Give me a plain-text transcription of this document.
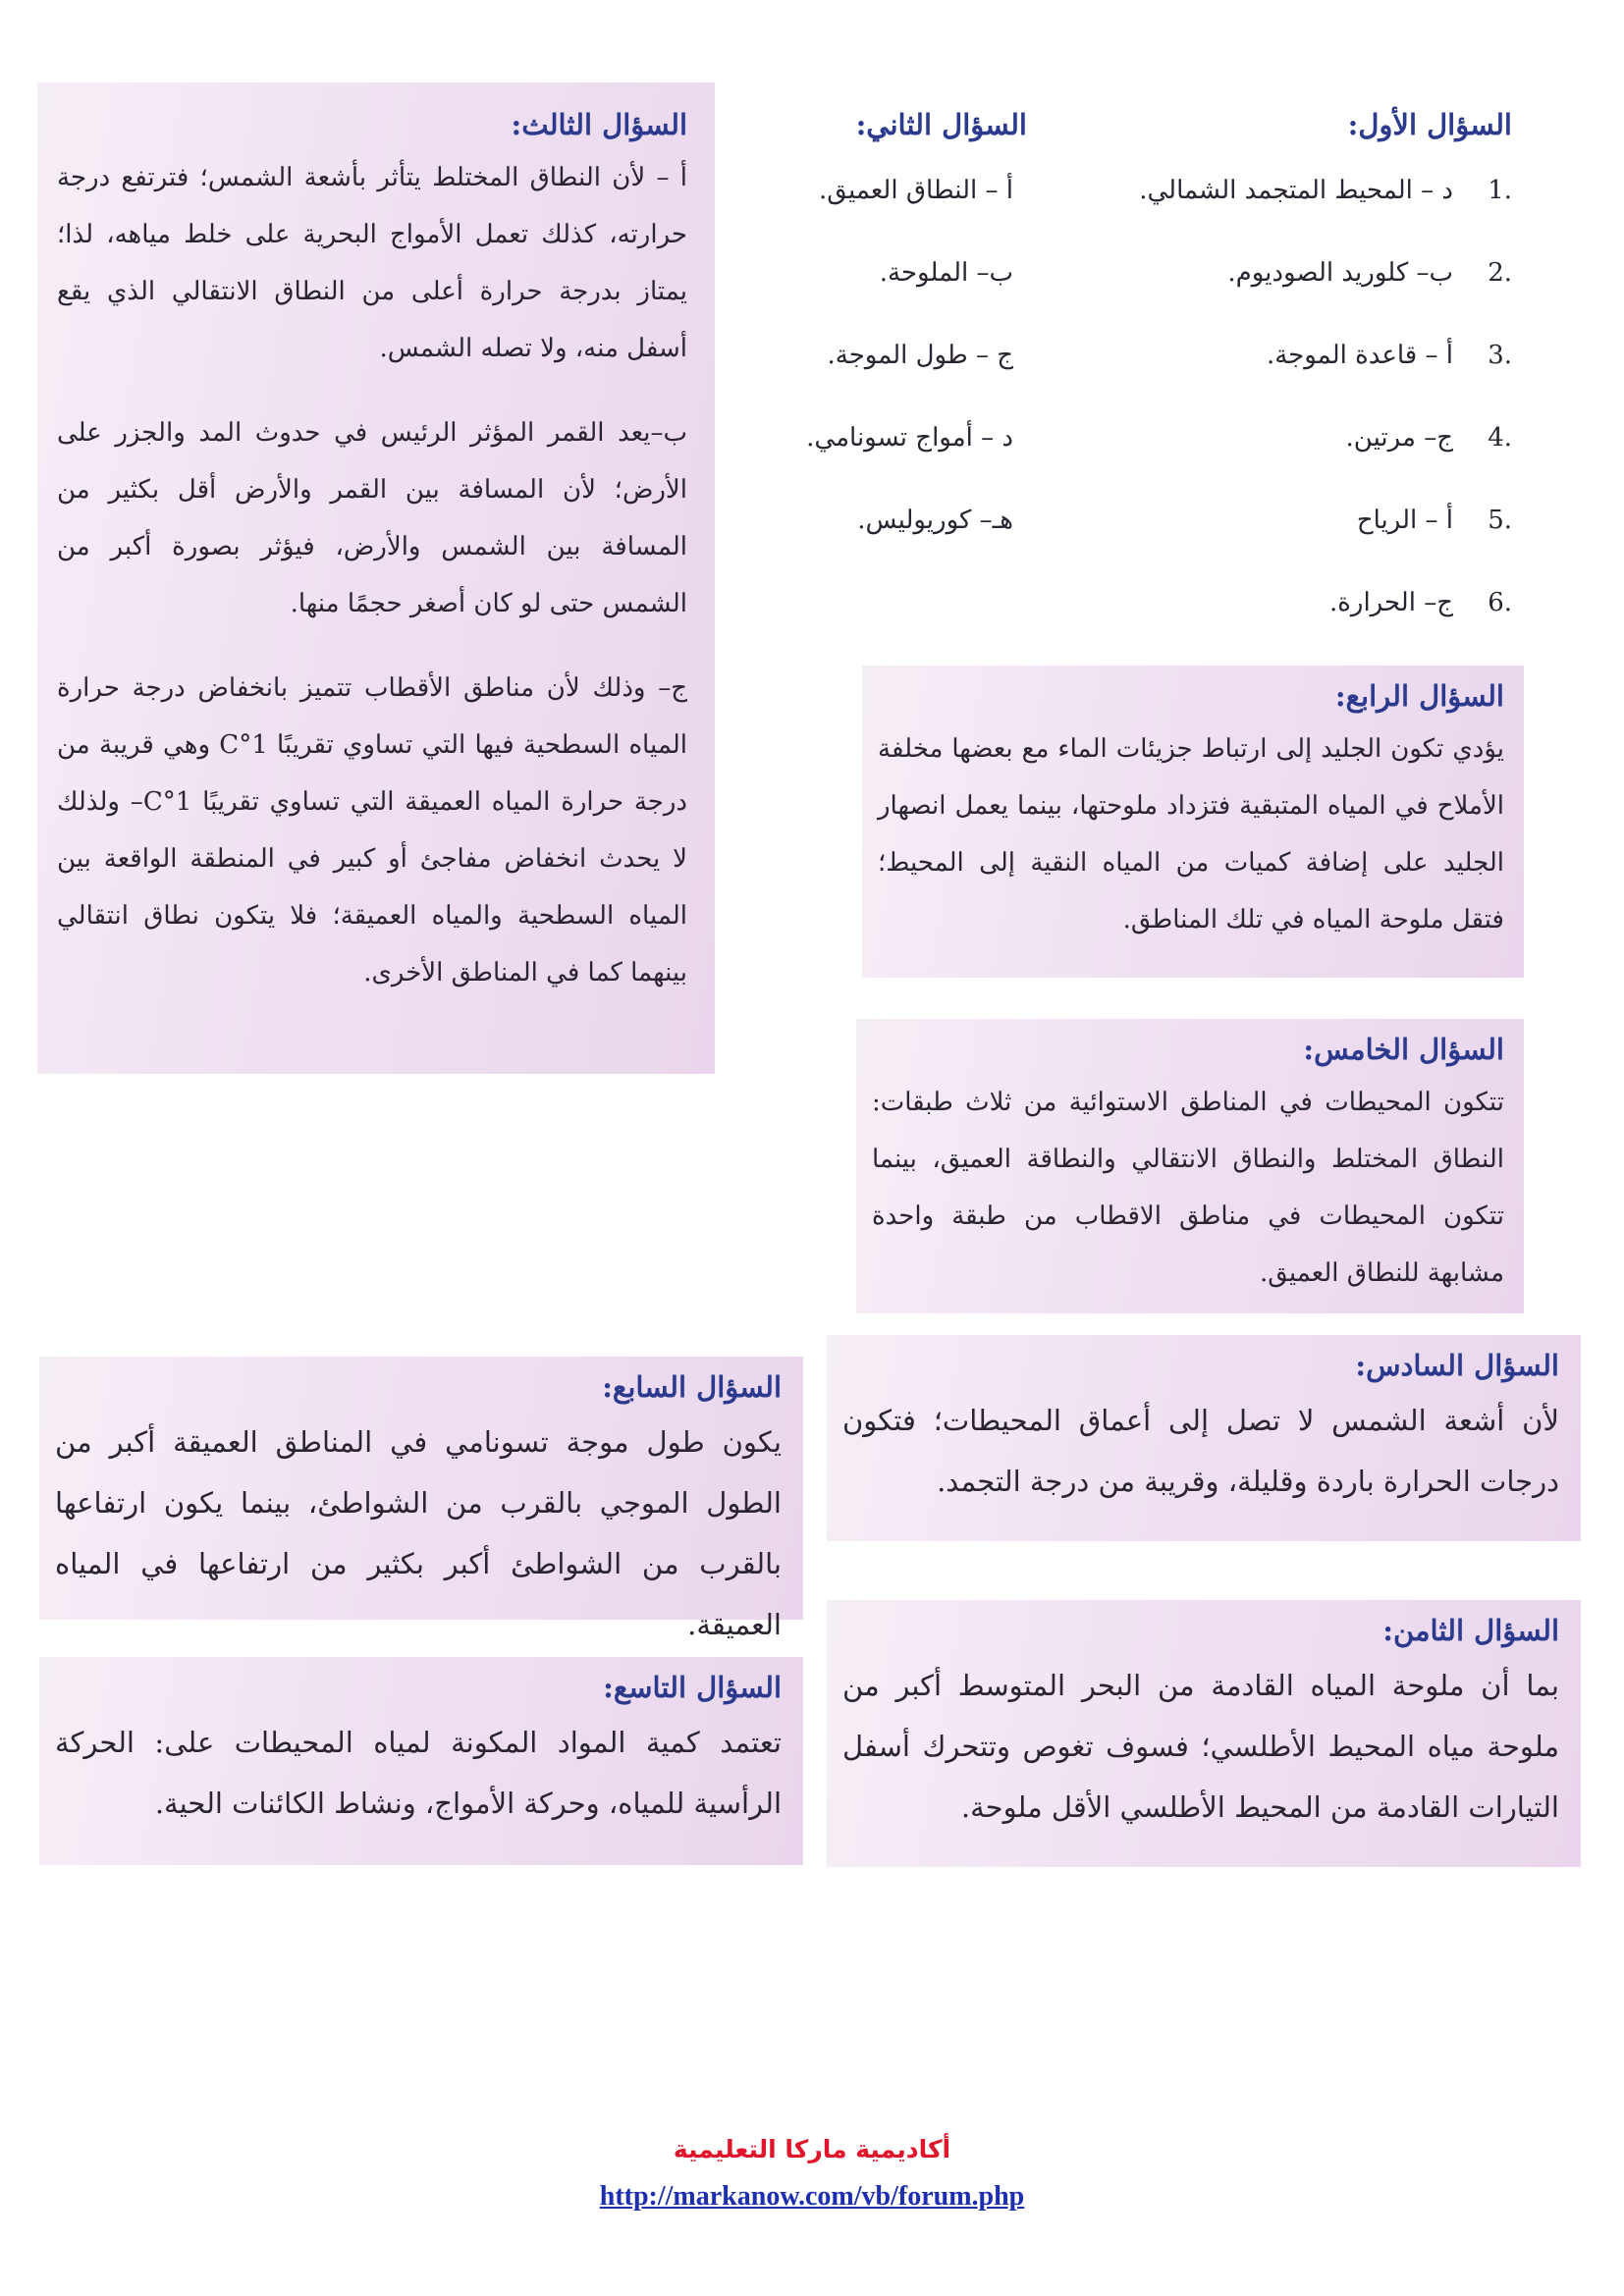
السؤال الثالث:

أ – لأن النطاق المختلط يتأثر بأشعة الشمس؛ فترتفع درجة حرارته، كذلك تعمل الأمواج البحرية على خلط مياهه، لذا؛ يمتاز بدرجة حرارة أعلى من النطاق الانتقالي الذي يقع أسفل منه، ولا تصله الشمس.

ب–يعد القمر المؤثر الرئيس في حدوث المد والجزر على الأرض؛ لأن المسافة بين القمر والأرض أقل بكثير من المسافة بين الشمس والأرض، فيؤثر بصورة أكبر من الشمس حتى لو كان أصغر حجمًا منها.

ج– وذلك لأن مناطق الأقطاب تتميز بانخفاض درجة حرارة المياه السطحية فيها التي تساوي تقريبًا 1°C وهي قريبة من درجة حرارة المياه العميقة التي تساوي تقريبًا 1°C– ولذلك لا يحدث انخفاض مفاجئ أو كبير في المنطقة الواقعة بين المياه السطحية والمياه العميقة؛ فلا يتكون نطاق انتقالي بينهما كما في المناطق الأخرى.

السؤال الثاني:
أ – النطاق العميق.
ب– الملوحة.
ج – طول الموجة.
د – أمواج تسونامي.
هـ– كوريوليس.
السؤال الأول:
.1د – المحيط المتجمد الشمالي.
.2ب– كلوريد الصوديوم.
.3أ – قاعدة الموجة.
.4ج– مرتين.
.5أ – الرياح
.6ج– الحرارة.
السؤال الرابع:

يؤدي تكون الجليد إلى ارتباط جزيئات الماء مع بعضها مخلفة الأملاح في المياه المتبقية فتزداد ملوحتها، بينما يعمل انصهار الجليد على إضافة كميات من المياه النقية إلى المحيط؛ فتقل ملوحة المياه في تلك المناطق.

السؤال الخامس:

تتكون المحيطات في المناطق الاستوائية من ثلاث طبقات: النطاق المختلط والنطاق الانتقالي والنطاقة العميق، بينما تتكون المحيطات في مناطق الاقطاب من طبقة واحدة مشابهة للنطاق العميق.

السؤال السابع:

يكون طول موجة تسونامي في المناطق العميقة أكبر من الطول الموجي بالقرب من الشواطئ، بينما يكون ارتفاعها بالقرب من الشواطئ أكبر بكثير من ارتفاعها في المياه العميقة.

السؤال السادس:

لأن أشعة الشمس لا تصل إلى أعماق المحيطات؛ فتكون درجات الحرارة باردة وقليلة، وقريبة من درجة التجمد.

السؤال التاسع:

تعتمد كمية المواد المكونة لمياه المحيطات على: الحركة الرأسية للمياه، وحركة الأمواج، ونشاط الكائنات الحية.

السؤال الثامن:

بما أن ملوحة المياه القادمة من البحر المتوسط أكبر من ملوحة مياه المحيط الأطلسي؛ فسوف تغوص وتتحرك أسفل التيارات القادمة من المحيط الأطلسي الأقل ملوحة.

أكاديمية ماركا التعليمية
http://markanow.com/vb/forum.php
